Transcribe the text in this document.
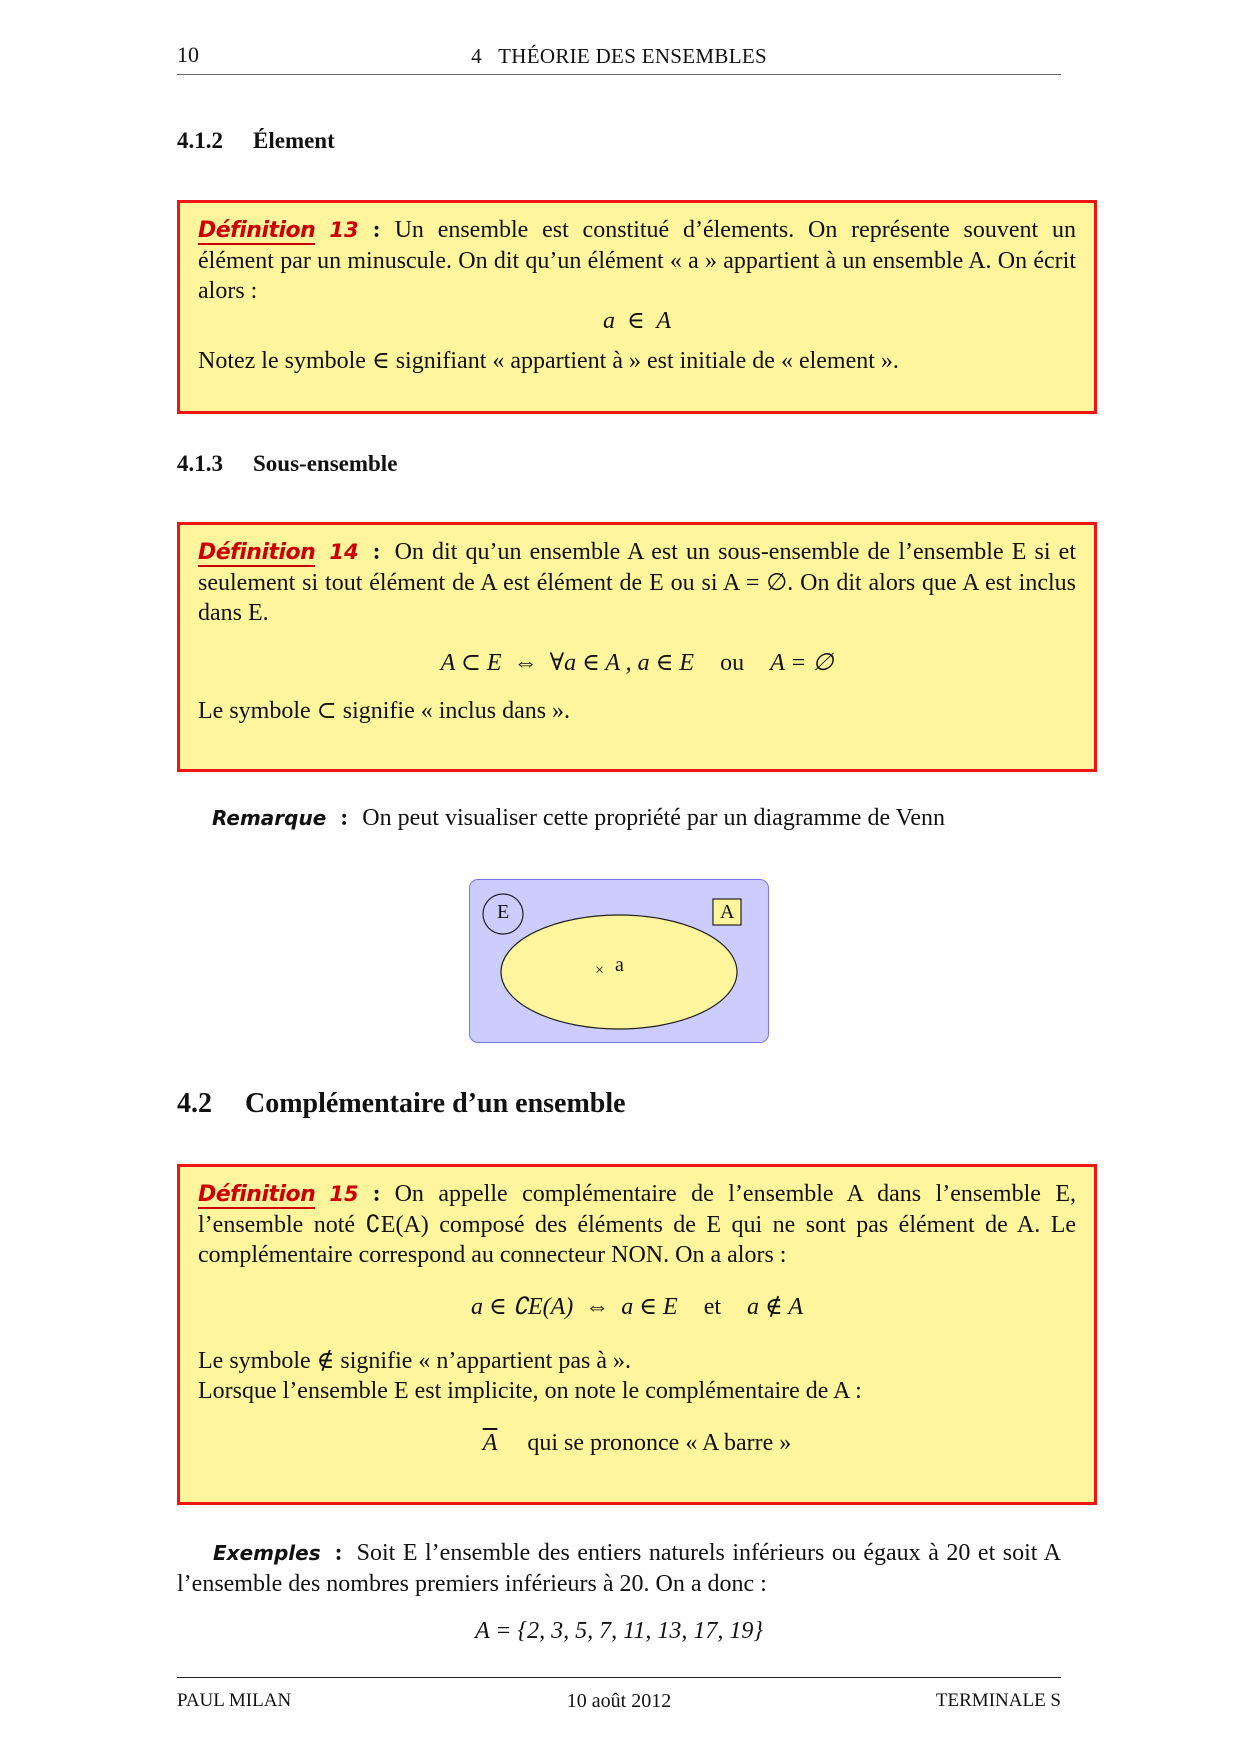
10	4   THÉORIE DES ENSEMBLES
4.1.2 Élement
Définition 13 : Un ensemble est constitué d’élements. On représente souvent un élément par un minuscule. On dit qu’un élément « a » appartient à un ensemble A. On écrit alors :
a  ∈  A
Notez le symbole ∈ signifiant « appartient à » est initiale de « element ».
4.1.3 Sous-ensemble
Définition 14 : On dit qu’un ensemble A est un sous-ensemble de l’ensemble E si et seulement si tout élément de A est élément de E ou si A = ∅. On dit alors que A est inclus dans E.
A ⊂ E  ⇔  ∀a ∈ A , a ∈ E ou A = ∅
Le symbole ⊂ signifie « inclus dans ».
Remarque : On peut visualiser cette propriété par un diagramme de Venn
E	A
× a
4.2 Complémentaire d’un ensemble
Définition 15 : On appelle complémentaire de l’ensemble A dans l’ensemble E, l’ensemble noté ∁E(A) composé des éléments de E qui ne sont pas élément de A. Le complémentaire correspond au connecteur NON. On a alors :
a ∈ ∁E(A)  ⇔  a ∈ E et a ∉ A
Le symbole ∉ signifie « n’appartient pas à ».
Lorsque l’ensemble E est implicite, on note le complémentaire de A :
$\overline{A}$ qui se prononce « A barre »
Exemples : Soit E l’ensemble des entiers naturels inférieurs ou égaux à 20 et soit A l’ensemble des nombres premiers inférieurs à 20. On a donc :
A = {2, 3, 5, 7, 11, 13, 17, 19}
PAUL MILAN	10 août 2012	TERMINALE S
